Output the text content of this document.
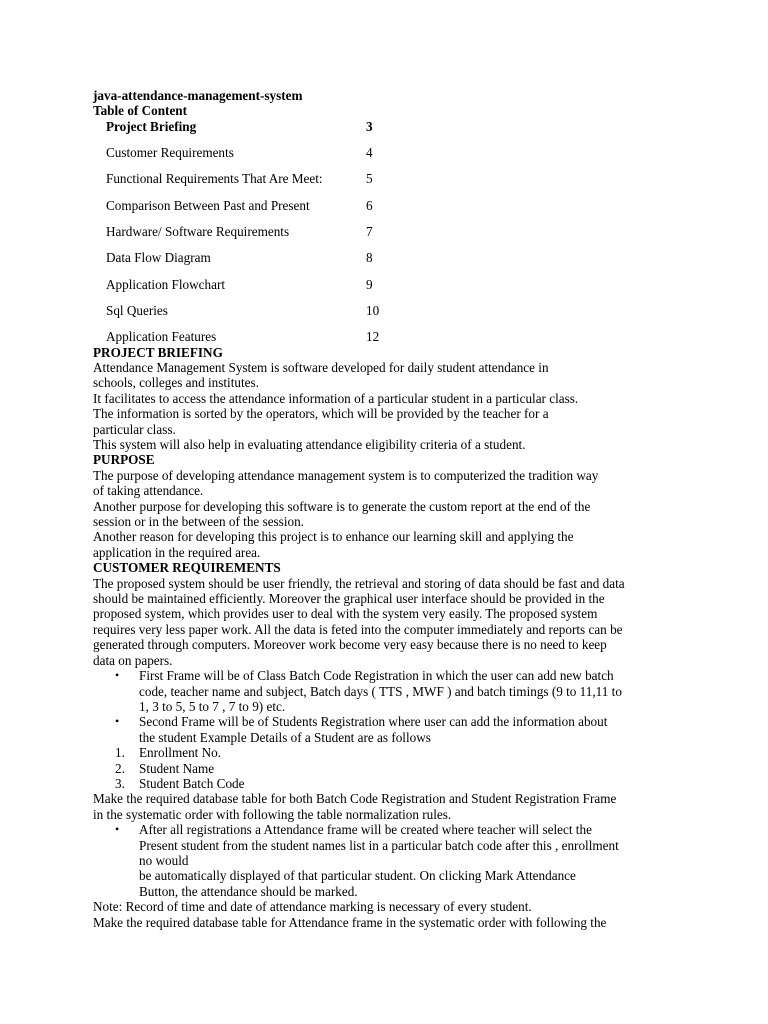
java-attendance-management-system

Table of Content

Project Briefing	3
Customer Requirements	4
Functional Requirements That Are Meet:	5
Comparison Between Past and Present	6
Hardware/ Software Requirements	7
Data Flow Diagram	8
Application Flowchart	9
Sql Queries	10
Application Features	12

PROJECT BRIEFING

Attendance Management System is software developed for daily student attendance in

schools, colleges and institutes.

It facilitates to access the attendance information of a particular student in a particular class.

The information is sorted by the operators, which will be provided by the teacher for a

particular class.

This system will also help in evaluating attendance eligibility criteria of a student.

PURPOSE

The purpose of developing attendance management system is to computerized the tradition way

of taking attendance.

Another purpose for developing this software is to generate the custom report at the end of the

session or in the between of the session.

Another reason for developing this project is to enhance our learning skill and applying the

application in the required area.

CUSTOMER REQUIREMENTS

The proposed system should be user friendly, the retrieval and storing of data should be fast and data

should be maintained efficiently. Moreover the graphical user interface should be provided in the

proposed system, which provides user to deal with the system very easily. The proposed system

requires very less paper work. All the data is feted into the computer immediately and reports can be

generated through computers. Moreover work become very easy because there is no need to keep

data on papers.

• First Frame will be of Class Batch Code Registration in which the user can add new batch

code, teacher name and subject, Batch days ( TTS , MWF ) and batch timings (9 to 11,11 to

1, 3 to 5, 5 to 7 , 7 to 9) etc.

• Second Frame will be of Students Registration where user can add the information about

the student Example Details of a Student are as follows

1. Enrollment No.
2. Student Name
3. Student Batch Code

Make the required database table for both Batch Code Registration and Student Registration Frame

in the systematic order with following the table normalization rules.

• After all registrations a Attendance frame will be created where teacher will select the

Present student from the student names list in a particular batch code after this , enrollment

no would

be automatically displayed of that particular student. On clicking Mark Attendance

Button, the attendance should be marked.

Note: Record of time and date of attendance marking is necessary of every student.

Make the required database table for Attendance frame in the systematic order with following the
